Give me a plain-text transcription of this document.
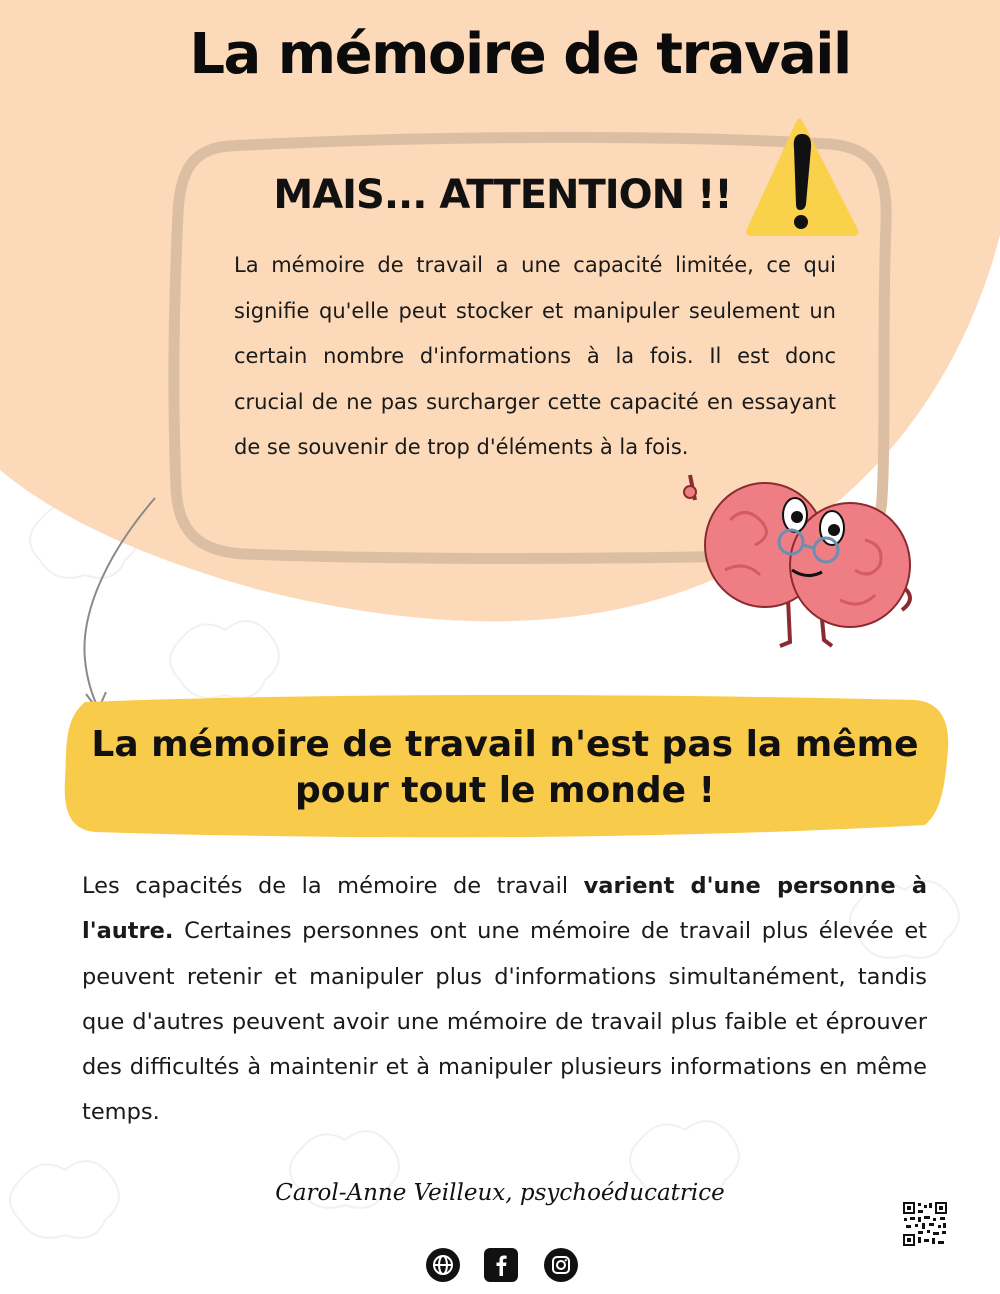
La mémoire de travail
MAIS... ATTENTION !!
La mémoire de travail a une capacité limitée, ce qui signifie qu'elle peut stocker et manipuler seulement un certain nombre d'informations à la fois. Il est donc crucial de ne pas surcharger cette capacité en essayant de se souvenir de trop d'éléments à la fois.
La mémoire de travail n'est pas la même
pour tout le monde !
Les capacités de la mémoire de travail varient d'une personne à l'autre. Certaines personnes ont une mémoire de travail plus élevée et peuvent retenir et manipuler plus d'informations simultanément, tandis que d'autres peuvent avoir une mémoire de travail plus faible et éprouver des difficultés à maintenir et à manipuler plusieurs informations en même temps.
Carol-Anne Veilleux, psychoéducatrice
